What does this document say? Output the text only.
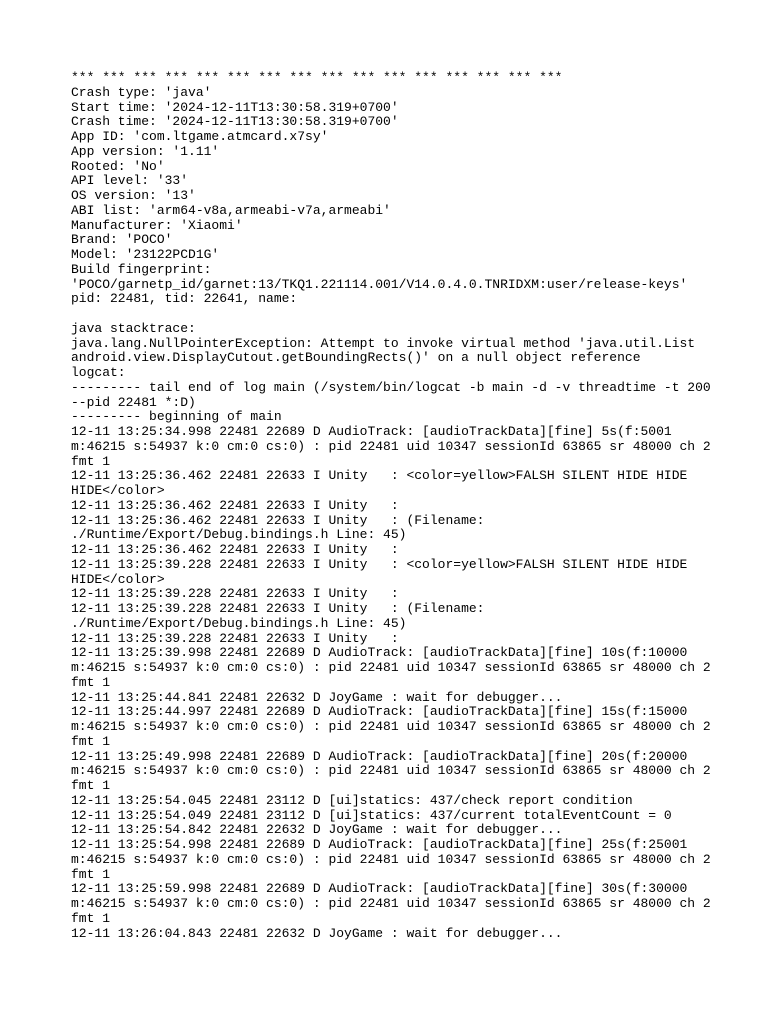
*** *** *** *** *** *** *** *** *** *** *** *** *** *** *** ***
Crash type: 'java'
Start time: '2024-12-11T13:30:58.319+0700'
Crash time: '2024-12-11T13:30:58.319+0700'
App ID: 'com.ltgame.atmcard.x7sy'
App version: '1.11'
Rooted: 'No'
API level: '33'
OS version: '13'
ABI list: 'arm64-v8a,armeabi-v7a,armeabi'
Manufacturer: 'Xiaomi'
Brand: 'POCO'
Model: '23122PCD1G'
Build fingerprint:
'POCO/garnetp_id/garnet:13/TKQ1.221114.001/V14.0.4.0.TNRIDXM:user/release-keys'
pid: 22481, tid: 22641, name:
java stacktrace:
java.lang.NullPointerException: Attempt to invoke virtual method 'java.util.List
android.view.DisplayCutout.getBoundingRects()' on a null object reference
logcat:
--------- tail end of log main (/system/bin/logcat -b main -d -v threadtime -t 200
--pid 22481 *:D)
--------- beginning of main
12-11 13:25:34.998 22481 22689 D AudioTrack: [audioTrackData][fine] 5s(f:5001
m:46215 s:54937 k:0 cm:0 cs:0) : pid 22481 uid 10347 sessionId 63865 sr 48000 ch 2
fmt 1
12-11 13:25:36.462 22481 22633 I Unity   : <color=yellow>FALSH SILENT HIDE HIDE
HIDE</color>
12-11 13:25:36.462 22481 22633 I Unity   :
12-11 13:25:36.462 22481 22633 I Unity   : (Filename:
./Runtime/Export/Debug.bindings.h Line: 45)
12-11 13:25:36.462 22481 22633 I Unity   :
12-11 13:25:39.228 22481 22633 I Unity   : <color=yellow>FALSH SILENT HIDE HIDE
HIDE</color>
12-11 13:25:39.228 22481 22633 I Unity   :
12-11 13:25:39.228 22481 22633 I Unity   : (Filename:
./Runtime/Export/Debug.bindings.h Line: 45)
12-11 13:25:39.228 22481 22633 I Unity   :
12-11 13:25:39.998 22481 22689 D AudioTrack: [audioTrackData][fine] 10s(f:10000
m:46215 s:54937 k:0 cm:0 cs:0) : pid 22481 uid 10347 sessionId 63865 sr 48000 ch 2
fmt 1
12-11 13:25:44.841 22481 22632 D JoyGame : wait for debugger...
12-11 13:25:44.997 22481 22689 D AudioTrack: [audioTrackData][fine] 15s(f:15000
m:46215 s:54937 k:0 cm:0 cs:0) : pid 22481 uid 10347 sessionId 63865 sr 48000 ch 2
fmt 1
12-11 13:25:49.998 22481 22689 D AudioTrack: [audioTrackData][fine] 20s(f:20000
m:46215 s:54937 k:0 cm:0 cs:0) : pid 22481 uid 10347 sessionId 63865 sr 48000 ch 2
fmt 1
12-11 13:25:54.045 22481 23112 D [ui]statics: 437/check report condition
12-11 13:25:54.049 22481 23112 D [ui]statics: 437/current totalEventCount = 0
12-11 13:25:54.842 22481 22632 D JoyGame : wait for debugger...
12-11 13:25:54.998 22481 22689 D AudioTrack: [audioTrackData][fine] 25s(f:25001
m:46215 s:54937 k:0 cm:0 cs:0) : pid 22481 uid 10347 sessionId 63865 sr 48000 ch 2
fmt 1
12-11 13:25:59.998 22481 22689 D AudioTrack: [audioTrackData][fine] 30s(f:30000
m:46215 s:54937 k:0 cm:0 cs:0) : pid 22481 uid 10347 sessionId 63865 sr 48000 ch 2
fmt 1
12-11 13:26:04.843 22481 22632 D JoyGame : wait for debugger...
